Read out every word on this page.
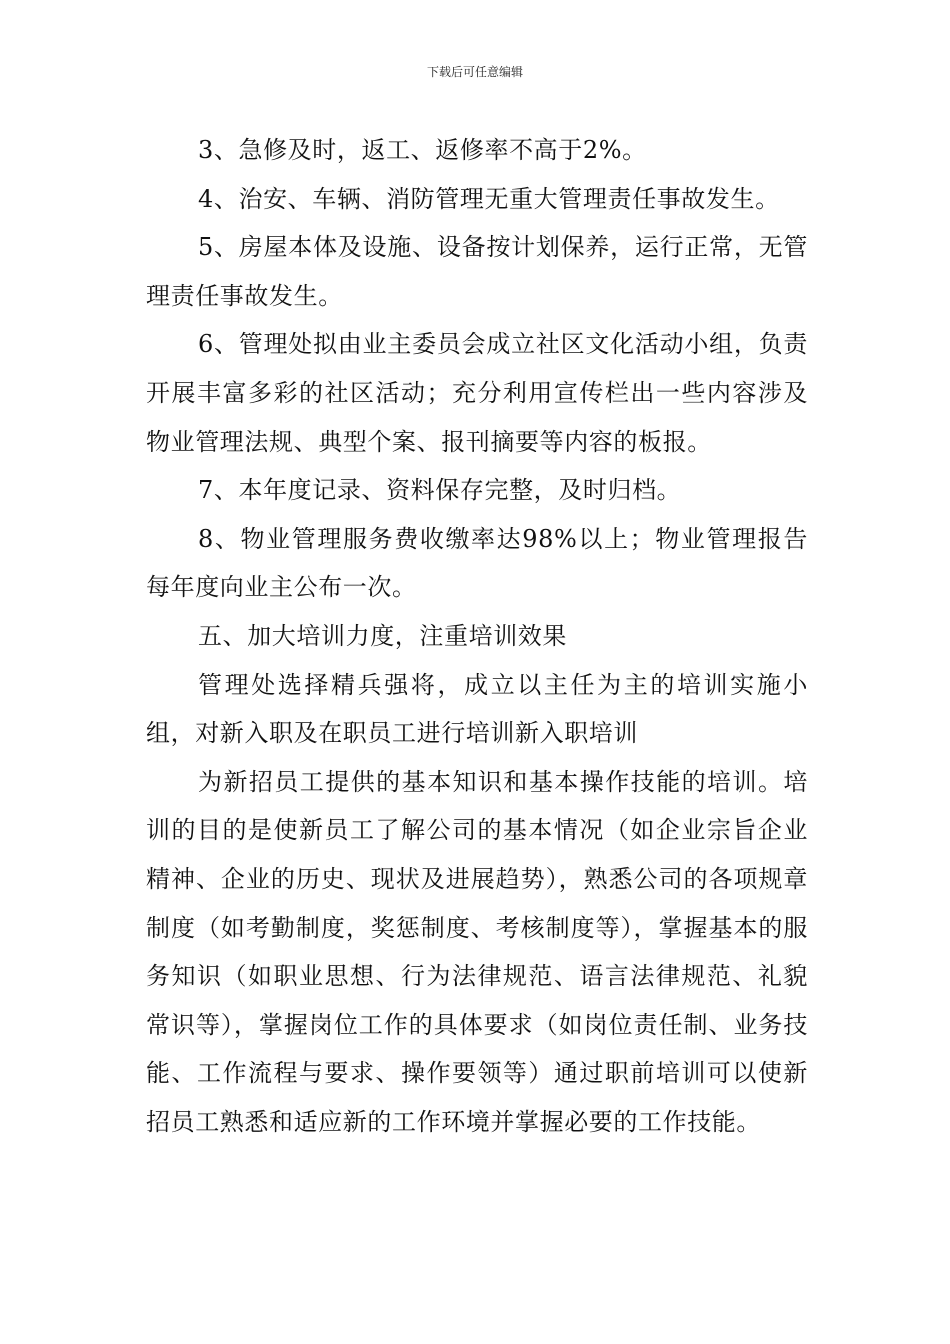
下载后可任意编辑

3、急修及时，返工、返修率不高于2%。

4、治安、车辆、消防管理无重大管理责任事故发生。

5、房屋本体及设施、设备按计划保养，运行正常，无管理责任事故发生。

6、管理处拟由业主委员会成立社区文化活动小组，负责开展丰富多彩的社区活动；充分利用宣传栏出一些内容涉及物业管理法规、典型个案、报刊摘要等内容的板报。

7、本年度记录、资料保存完整，及时归档。

8、物业管理服务费收缴率达98%以上；物业管理报告每年度向业主公布一次。

五、加大培训力度，注重培训效果

管理处选择精兵强将，成立以主任为主的培训实施小组，对新入职及在职员工进行培训新入职培训

为新招员工提供的基本知识和基本操作技能的培训。培训的目的是使新员工了解公司的基本情况（如企业宗旨企业精神、企业的历史、现状及进展趋势），熟悉公司的各项规章制度（如考勤制度，奖惩制度、考核制度等），掌握基本的服务知识（如职业思想、行为法律规范、语言法律规范、礼貌常识等），掌握岗位工作的具体要求（如岗位责任制、业务技能、工作流程与要求、操作要领等）通过职前培训可以使新招员工熟悉和适应新的工作环境并掌握必要的工作技能。
